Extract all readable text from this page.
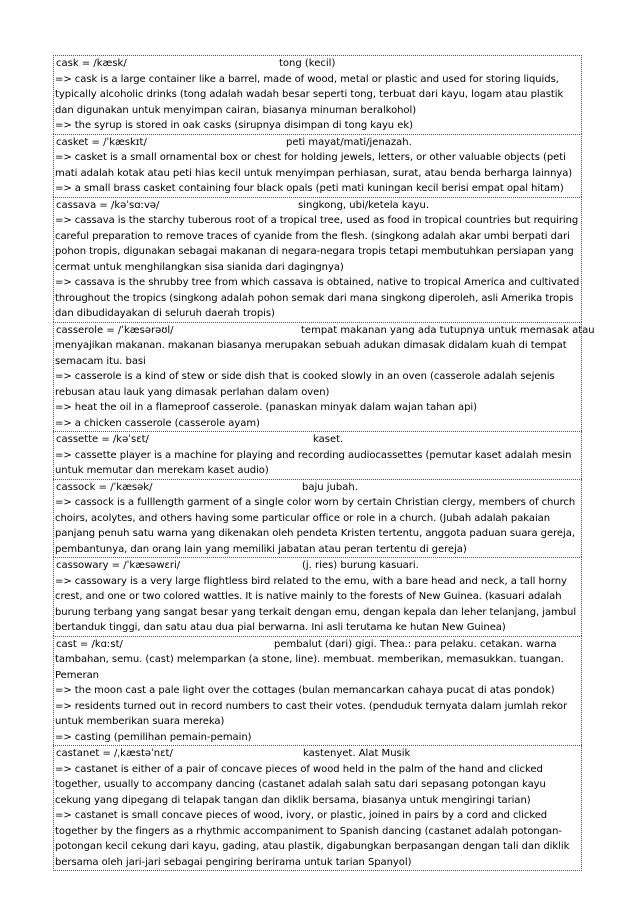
cask = /kæsk/	tong (kecil)

=> cask is a large container like a barrel, made of wood, metal or plastic and used for storing liquids, typically alcoholic drinks (tong adalah wadah besar seperti tong, terbuat dari kayu, logam atau plastik dan digunakan untuk menyimpan cairan, biasanya minuman beralkohol)

=> the syrup is stored in oak casks (sirupnya disimpan di tong kayu ek)

casket = /ˈkæskɪt/	peti mayat/mati/jenazah.

=> casket is a small ornamental box or chest for holding jewels, letters, or other valuable objects (peti mati adalah kotak atau peti hias kecil untuk menyimpan perhiasan, surat, atau benda berharga lainnya)

=> a small brass casket containing four black opals (peti mati kuningan kecil berisi empat opal hitam)

cassava = /kəˈsɑːvə/	singkong, ubi/ketela kayu.

=> cassava is the starchy tuberous root of a tropical tree, used as food in tropical countries but requiring careful preparation to remove traces of cyanide from the flesh. (singkong adalah akar umbi berpati dari pohon tropis, digunakan sebagai makanan di negara-negara tropis tetapi membutuhkan persiapan yang cermat untuk menghilangkan sisa sianida dari dagingnya)

=> cassava is the shrubby tree from which cassava is obtained, native to tropical America and cultivated throughout the tropics (singkong adalah pohon semak dari mana singkong diperoleh, asli Amerika tropis dan dibudidayakan di seluruh daerah tropis)

casserole = /ˈkæsərəʊl/	tempat makanan yang ada tutupnya untuk memasak atau

menyajikan makanan. makanan biasanya merupakan sebuah adukan dimasak didalam kuah di tempat semacam itu. basi

=> casserole is a kind of stew or side dish that is cooked slowly in an oven (casserole adalah sejenis rebusan atau lauk yang dimasak perlahan dalam oven)

=> heat the oil in a flameproof casserole. (panaskan minyak dalam wajan tahan api)

=> a chicken casserole (casserole ayam)

cassette = /kəˈsɛt/	kaset.

=> cassette player is a machine for playing and recording audiocassettes (pemutar kaset adalah mesin untuk memutar dan merekam kaset audio)

cassock = /ˈkæsək/	baju jubah.

=> cassock is a fulllength garment of a single color worn by certain Christian clergy, members of church choirs, acolytes, and others having some particular office or role in a church. (Jubah adalah pakaian panjang penuh satu warna yang dikenakan oleh pendeta Kristen tertentu, anggota paduan suara gereja, pembantunya, dan orang lain yang memiliki jabatan atau peran tertentu di gereja)

cassowary = /ˈkæsəwɛri/	(j. ries) burung kasuari.

=> cassowary is a very large flightless bird related to the emu, with a bare head and neck, a tall horny crest, and one or two colored wattles. It is native mainly to the forests of New Guinea. (kasuari adalah burung terbang yang sangat besar yang terkait dengan emu, dengan kepala dan leher telanjang, jambul bertanduk tinggi, dan satu atau dua pial berwarna. Ini asli terutama ke hutan New Guinea)

cast = /kɑːst/	pembalut (dari) gigi. Thea.: para pelaku. cetakan. warna

tambahan, semu. (cast) melemparkan (a stone, line). membuat. memberikan, memasukkan. tuangan. Pemeran

=> the moon cast a pale light over the cottages (bulan memancarkan cahaya pucat di atas pondok)

=> residents turned out in record numbers to cast their votes. (penduduk ternyata dalam jumlah rekor untuk memberikan suara mereka)

=> casting (pemilihan pemain-pemain)

castanet = /ˌkæstəˈnɛt/	kastenyet. Alat Musik

=> castanet is either of a pair of concave pieces of wood held in the palm of the hand and clicked together, usually to accompany dancing (castanet adalah salah satu dari sepasang potongan kayu cekung yang dipegang di telapak tangan dan diklik bersama, biasanya untuk mengiringi tarian)

=> castanet is small concave pieces of wood, ivory, or plastic, joined in pairs by a cord and clicked together by the fingers as a rhythmic accompaniment to Spanish dancing (castanet adalah potongan-potongan kecil cekung dari kayu, gading, atau plastik, digabungkan berpasangan dengan tali dan diklik bersama oleh jari-jari sebagai pengiring berirama untuk tarian Spanyol)
